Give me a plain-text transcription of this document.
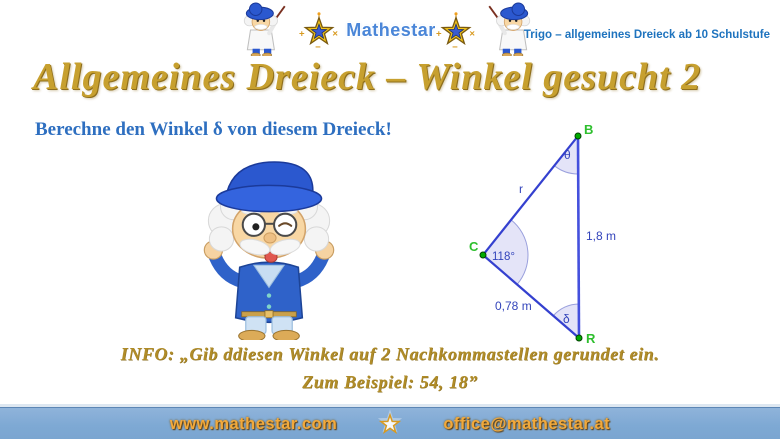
+	×
−
Mathestar +	×
−
Trigo – allgemeines Dreieck ab 10 Schulstufe
Allgemeines Dreieck – Winkel gesucht 2
Berechne den Winkel δ von diesem Dreieck!	B
C
R
θ
118°
δ
r
1,8 m
0,78 m
INFO: „Gib ddiesen Winkel auf 2 Nachkommastellen gerundet ein.
Zum Beispiel: 54, 18”
www.mathestar.com	office@mathestar.at
